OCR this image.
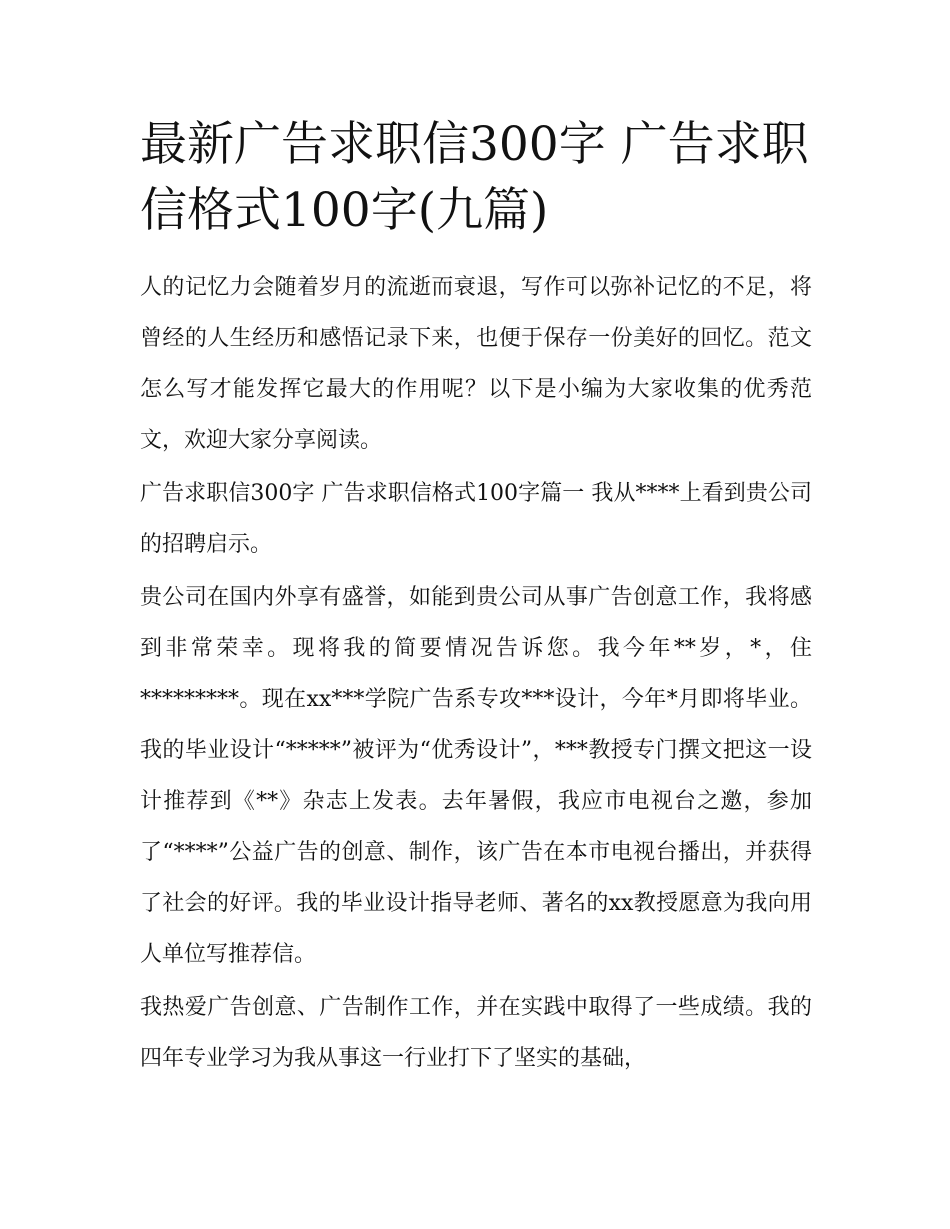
最新广告求职信300字 广告求职信格式100字(九篇)

人的记忆力会随着岁月的流逝而衰退，写作可以弥补记忆的不足，将曾经的人生经历和感悟记录下来，也便于保存一份美好的回忆。范文怎么写才能发挥它最大的作用呢？以下是小编为大家收集的优秀范文，欢迎大家分享阅读。

广告求职信300字 广告求职信格式100字篇一 我从****上看到贵公司的招聘启示。

贵公司在国内外享有盛誉，如能到贵公司从事广告创意工作，我将感到非常荣幸。现将我的简要情况告诉您。我今年**岁，*，住*********。现在xx***学院广告系专攻***设计，今年*月即将毕业。我的毕业设计“*****”被评为“优秀设计”，***教授专门撰文把这一设计推荐到《**》杂志上发表。去年暑假，我应市电视台之邀，参加了“****”公益广告的创意、制作，该广告在本市电视台播出，并获得了社会的好评。我的毕业设计指导老师、著名的xx教授愿意为我向用人单位写推荐信。

我热爱广告创意、广告制作工作，并在实践中取得了一些成绩。我的四年专业学习为我从事这一行业打下了坚实的基础，
